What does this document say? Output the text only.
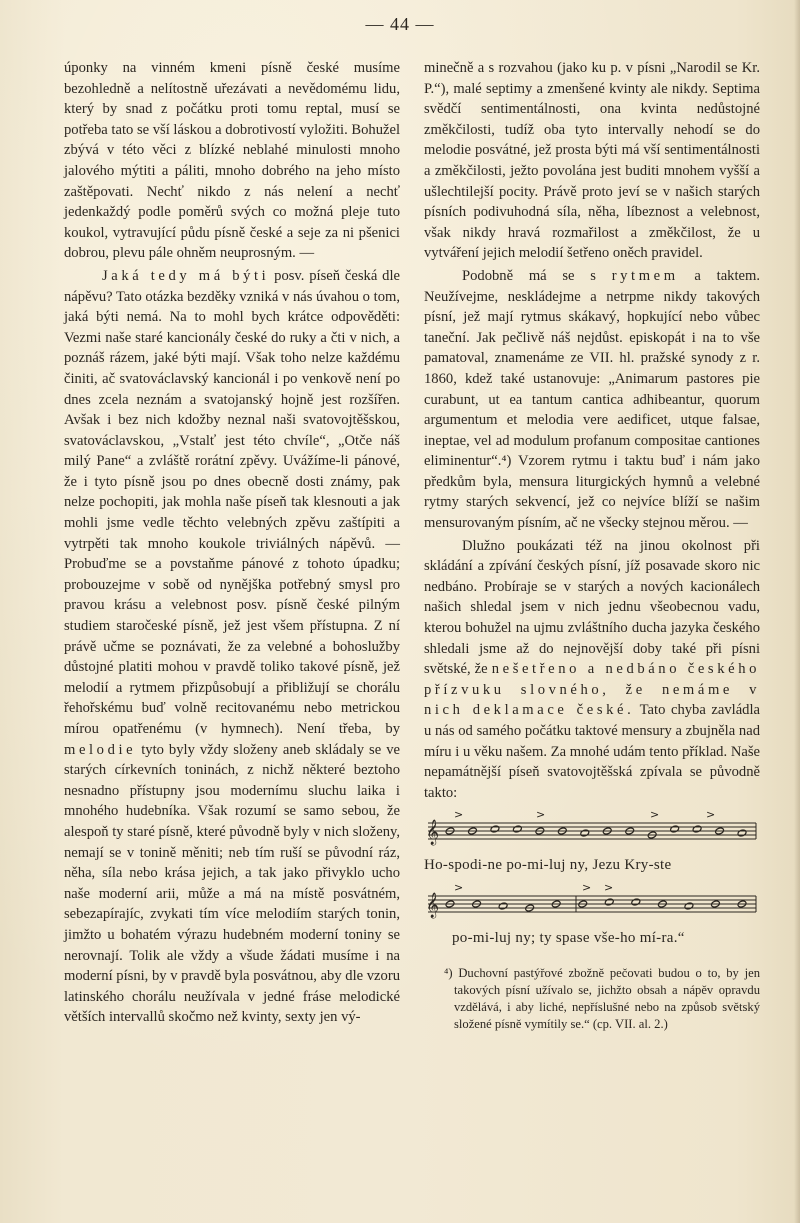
— 44 —

úponky na vinném kmeni písně české musíme bezohledně a nelítostně uřezávati a nevědomému lidu, který by snad z počátku proti tomu reptal, musí se potřeba tato se vší láskou a dobrotivostí vyložiti. Bohužel zbývá v této věci z blízké neblahé minulosti mnoho jalového mýtiti a páliti, mnoho dobrého na jeho místo zaštěpovati. Nechť nikdo z nás nelení a nechť jedenkaždý podle poměrů svých co možná pleje tuto koukol, vytravující půdu písně české a seje za ni pšenici dobrou, plevu pále ohněm neuprosným. —

Jaká tedy má býti posv. píseň česká dle nápěvu? Tato otázka bezděky vzniká v nás úvahou o tom, jaká býti nemá. Na to mohl bych krátce odpověděti: Vezmi naše staré kancionály české do ruky a čti v nich, a poznáš rázem, jaké býti mají. Však toho nelze každému činiti, ač svatováclavský kancionál i po venkově není po dnes zcela neznám a svatojanský hojně jest rozšířen. Avšak i bez nich kdožby neznal naši svatovojtěšskou, svatováclavskou, „Vstalť jest této chvíle“, „Otče náš milý Pane“ a zvláště rorátní zpěvy. Uvážíme-li pánové, že i tyto písně jsou po dnes obecně dosti známy, pak nelze pochopiti, jak mohla naše píseň tak klesnouti a jak mohli jsme vedle těchto velebných zpěvu zaštípiti a vytrpěti tak mnoho koukole triviálných nápěvů. — Probuďme se a povstaňme pánové z tohoto úpadku; probouzejme v sobě od nynějška potřebný smysl pro pravou krásu a velebnost posv. písně české pilným studiem staročeské písně, jež jest všem přístupna. Z ní právě učme se poznávati, že za velebné a bohoslužby důstojné platiti mohou v pravdě toliko takové písně, jež melodií a rytmem přizpůsobují a přibližují se chorálu řehořskému buď volně recitovanému nebo metrickou mírou opatřenému (v hymnech). Není třeba, by melodie tyto byly vždy složeny aneb skládaly se ve starých církevních toninách, z nichž některé beztoho nesnadno přístupny jsou modernímu sluchu laika i mnohého hudebníka. Však rozumí se samo sebou, že alespoň ty staré písně, které původně byly v nich složeny, nemají se v tonině měniti; neb tím ruší se původní ráz, něha, síla nebo krása jejich, a tak jako přivyklo ucho naše moderní arii, může a má na místě posvátném, sebezapírajíc, zvykati tím více melodiím starých tonin, jimžto u bohatém výrazu hudebném moderní toniny se nerovnají. Tolik ale vždy a všude žádati musíme i na moderní písni, by v pravdě byla posvátnou, aby dle vzoru latinského chorálu neužívala v jedné fráse melodické větších intervallů skočmo než kvinty, sexty jen vý-

minečně a s rozvahou (jako ku p. v písni „Narodil se Kr. P.“), malé septimy a zmenšené kvinty ale nikdy. Septima svědčí sentimentálnosti, ona kvinta nedůstojné změkčilosti, tudíž oba tyto intervally nehodí se do melodie posvátné, jež prosta býti má vší sentimentálnosti a změkčilosti, ježto povolána jest buditi mnohem vyšší a ušlechtilejší pocity. Právě proto jeví se v našich starých písních podivuhodná síla, něha, líbeznost a velebnost, však nikdy hravá rozmařilost a změkčilost, že u vytváření jejich melodií šetřeno oněch pravidel.

Podobně má se s rytmem a taktem. Neužívejme, neskládejme a netrpme nikdy takových písní, jež mají rytmus skákavý, hopkující nebo vůbec taneční. Jak pečlivě náš nejdůst. episkopát i na to vše pamatoval, znamenáme ze VII. hl. pražské synody z r. 1860, kdež také ustanovuje: „Animarum pastores pie curabunt, ut ea tantum cantica adhibeantur, quorum argumentum et melodia vere aedificet, utque falsae, ineptae, vel ad modulum profanum compositae cantiones eliminentur“.⁴) Vzorem rytmu i taktu buď i nám jako předkům byla, mensura liturgických hymnů a velebné rytmy starých sekvencí, jež co nejvíce blíží se našim mensurovaným písním, ač ne všecky stejnou měrou. —

Dlužno poukázati též na jinou okolnost při skládání a zpívání českých písní, jíž posavade skoro nic nedbáno. Probíraje se v starých a nových kacionálech našich shledal jsem v nich jednu všeobecnou vadu, kterou bohužel na ujmu zvláštního ducha jazyka českého shledali jsme až do nejnovější doby také při písni světské, že nešetřeno a nedbáno českého přízvuku slovného, že nemáme v nich deklamace české. Tato chyba zavládla u nás od samého počátku taktové mensury a zbujněla nad míru i u věku našem. Za mnohé udám tento příklad. Naše nepamátnější píseň svatovojtěšská zpívala se původně takto:

𝄞
>	>	>	>
Ho-spodi-ne po-mi-luj ny, Jezu Kry-ste
𝄞
>	> >
po-mi-luj ny; ty spase vše-ho mí-ra.“
⁴) Duchovní pastýřové zbožně pečovati budou o to, by jen takových písní užívalo se, jichžto obsah a nápěv opravdu vzdělává, i aby liché, nepříslušné nebo na způsob světský složené písně vymítily se.“ (cp. VII. al. 2.)
